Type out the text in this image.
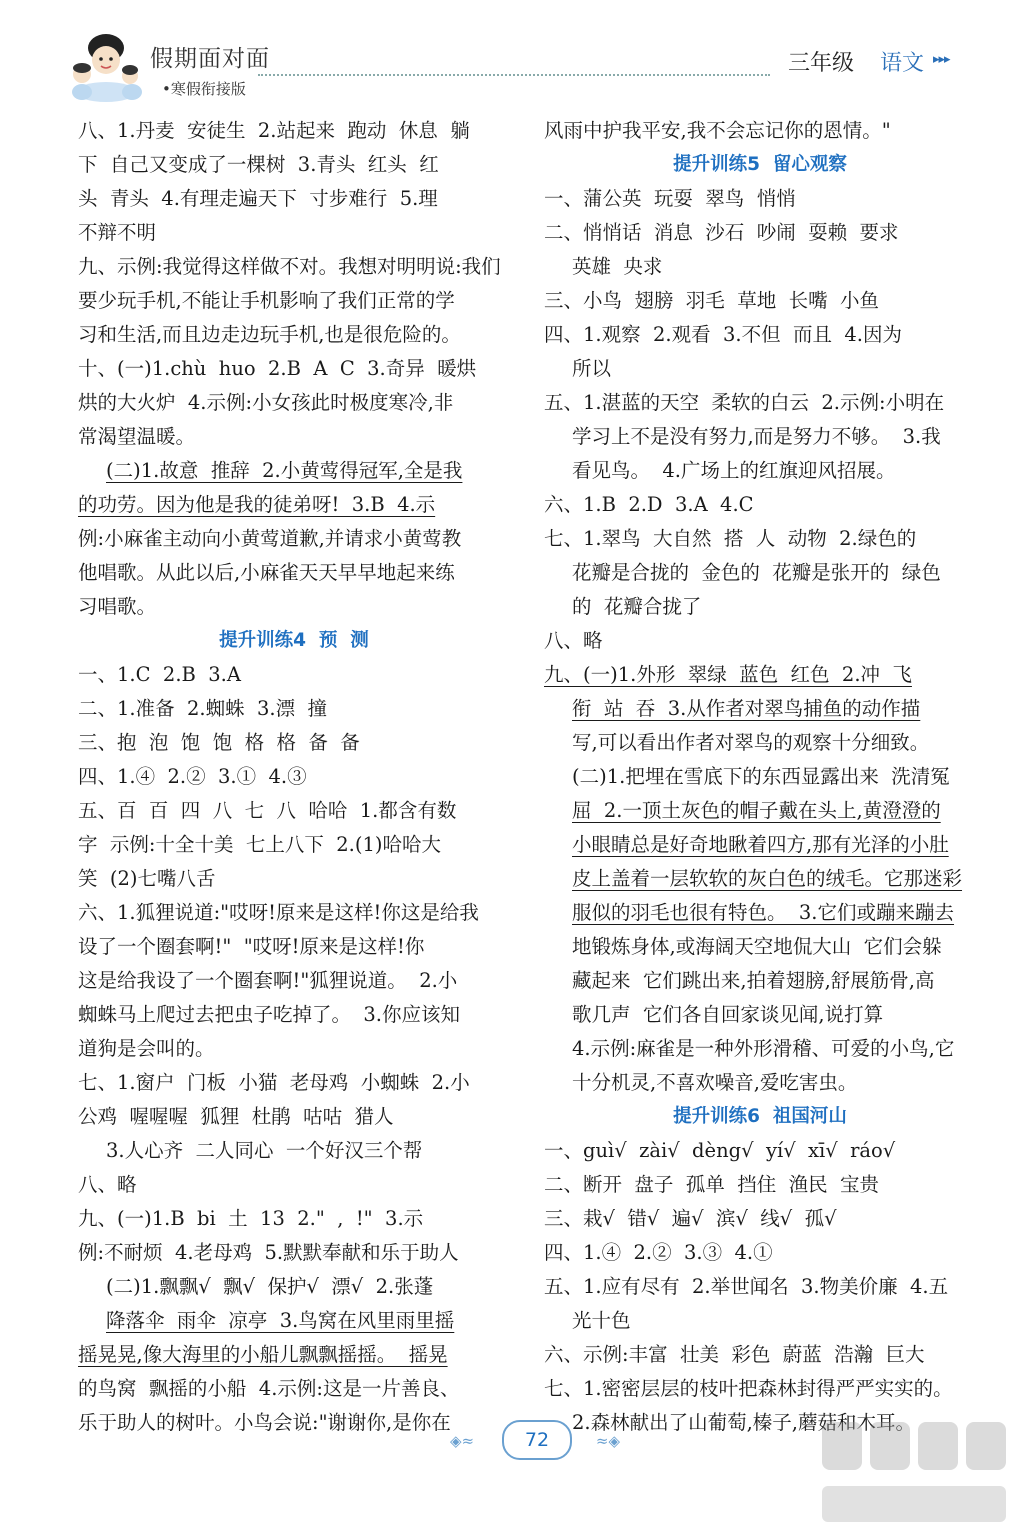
假期面对面
•寒假衔接版
三年级 语文 ▸▸▸
八、1.丹麦  安徒生  2.站起来  跑动  休息  躺
下  自己又变成了一棵树  3.青头  红头  红
头  青头  4.有理走遍天下  寸步难行  5.理
不辩不明
九、示例:我觉得这样做不对。我想对明明说:我们
要少玩手机,不能让手机影响了我们正常的学
习和生活,而且边走边玩手机,也是很危险的。
十、(一)1.chù  huo  2.B  A  C  3.奇异  暖烘
烘的大火炉  4.示例:小女孩此时极度寒冷,非
常渴望温暖。
(二)1.故意  推辞  2.小黄莺得冠军,全是我
的功劳。因为他是我的徒弟呀!  3.B  4.示
例:小麻雀主动向小黄莺道歉,并请求小黄莺教
他唱歌。从此以后,小麻雀天天早早地起来练
习唱歌。
提升训练4  预  测
一、1.C  2.B  3.A
二、1.准备  2.蜘蛛  3.漂  撞
三、抱  泡  饱  饱  格  格  备  备
四、1.④  2.②  3.①  4.③
五、百  百  四  八  七  八  哈哈  1.都含有数
字  示例:十全十美  七上八下  2.(1)哈哈大
笑  (2)七嘴八舌
六、1.狐狸说道:"哎呀!原来是这样!你这是给我
设了一个圈套啊!"  "哎呀!原来是这样!你
这是给我设了一个圈套啊!"狐狸说道。  2.小
蜘蛛马上爬过去把虫子吃掉了。  3.你应该知
道狗是会叫的。
七、1.窗户  门板  小猫  老母鸡  小蜘蛛  2.小
公鸡  喔喔喔  狐狸  杜鹃  咕咕  猎人
3.人心齐  二人同心  一个好汉三个帮
八、略
九、(一)1.B  bi  土  13  2."  ,  !"  3.示
例:不耐烦  4.老母鸡  5.默默奉献和乐于助人
(二)1.飘飘√  飘√  保护√  漂√  2.张蓬
降落伞  雨伞  凉亭  3.鸟窝在风里雨里摇
摇晃晃,像大海里的小船儿飘飘摇摇。  摇晃
的鸟窝  飘摇的小船  4.示例:这是一片善良、
乐于助人的树叶。小鸟会说:"谢谢你,是你在
风雨中护我平安,我不会忘记你的恩情。"
提升训练5  留心观察
一、蒲公英  玩耍  翠鸟  悄悄
二、悄悄话  消息  沙石  吵闹  耍赖  要求
英雄  央求
三、小鸟  翅膀  羽毛  草地  长嘴  小鱼
四、1.观察  2.观看  3.不但  而且  4.因为
所以
五、1.湛蓝的天空  柔软的白云  2.示例:小明在
学习上不是没有努力,而是努力不够。  3.我
看见鸟。  4.广场上的红旗迎风招展。
六、1.B  2.D  3.A  4.C
七、1.翠鸟  大自然  搭  人  动物  2.绿色的
花瓣是合拢的  金色的  花瓣是张开的  绿色
的  花瓣合拢了
八、略
九、(一)1.外形  翠绿  蓝色  红色  2.冲  飞
衔  站  吞  3.从作者对翠鸟捕鱼的动作描
写,可以看出作者对翠鸟的观察十分细致。
(二)1.把埋在雪底下的东西显露出来  洗清冤
屈  2.一顶土灰色的帽子戴在头上,黄澄澄的
小眼睛总是好奇地瞅着四方,那有光泽的小肚
皮上盖着一层软软的灰白色的绒毛。它那迷彩
服似的羽毛也很有特色。  3.它们或蹦来蹦去
地锻炼身体,或海阔天空地侃大山  它们会躲
藏起来  它们跳出来,拍着翅膀,舒展筋骨,高
歌几声  它们各自回家谈见闻,说打算
4.示例:麻雀是一种外形滑稽、可爱的小鸟,它
十分机灵,不喜欢噪音,爱吃害虫。
提升训练6  祖国河山
一、guì√  zài√  dèng√  yí√  xī√  ráo√
二、断开  盘子  孤单  挡住  渔民  宝贵
三、栽√  错√  遍√  滨√  线√  孤√
四、1.④  2.②  3.③  4.①
五、1.应有尽有  2.举世闻名  3.物美价廉  4.五
光十色
六、示例:丰富  壮美  彩色  蔚蓝  浩瀚  巨大
七、1.密密层层的枝叶把森林封得严严实实的。
2.森林献出了山葡萄,榛子,蘑菇和木耳。
◈≈	72	≈◈
